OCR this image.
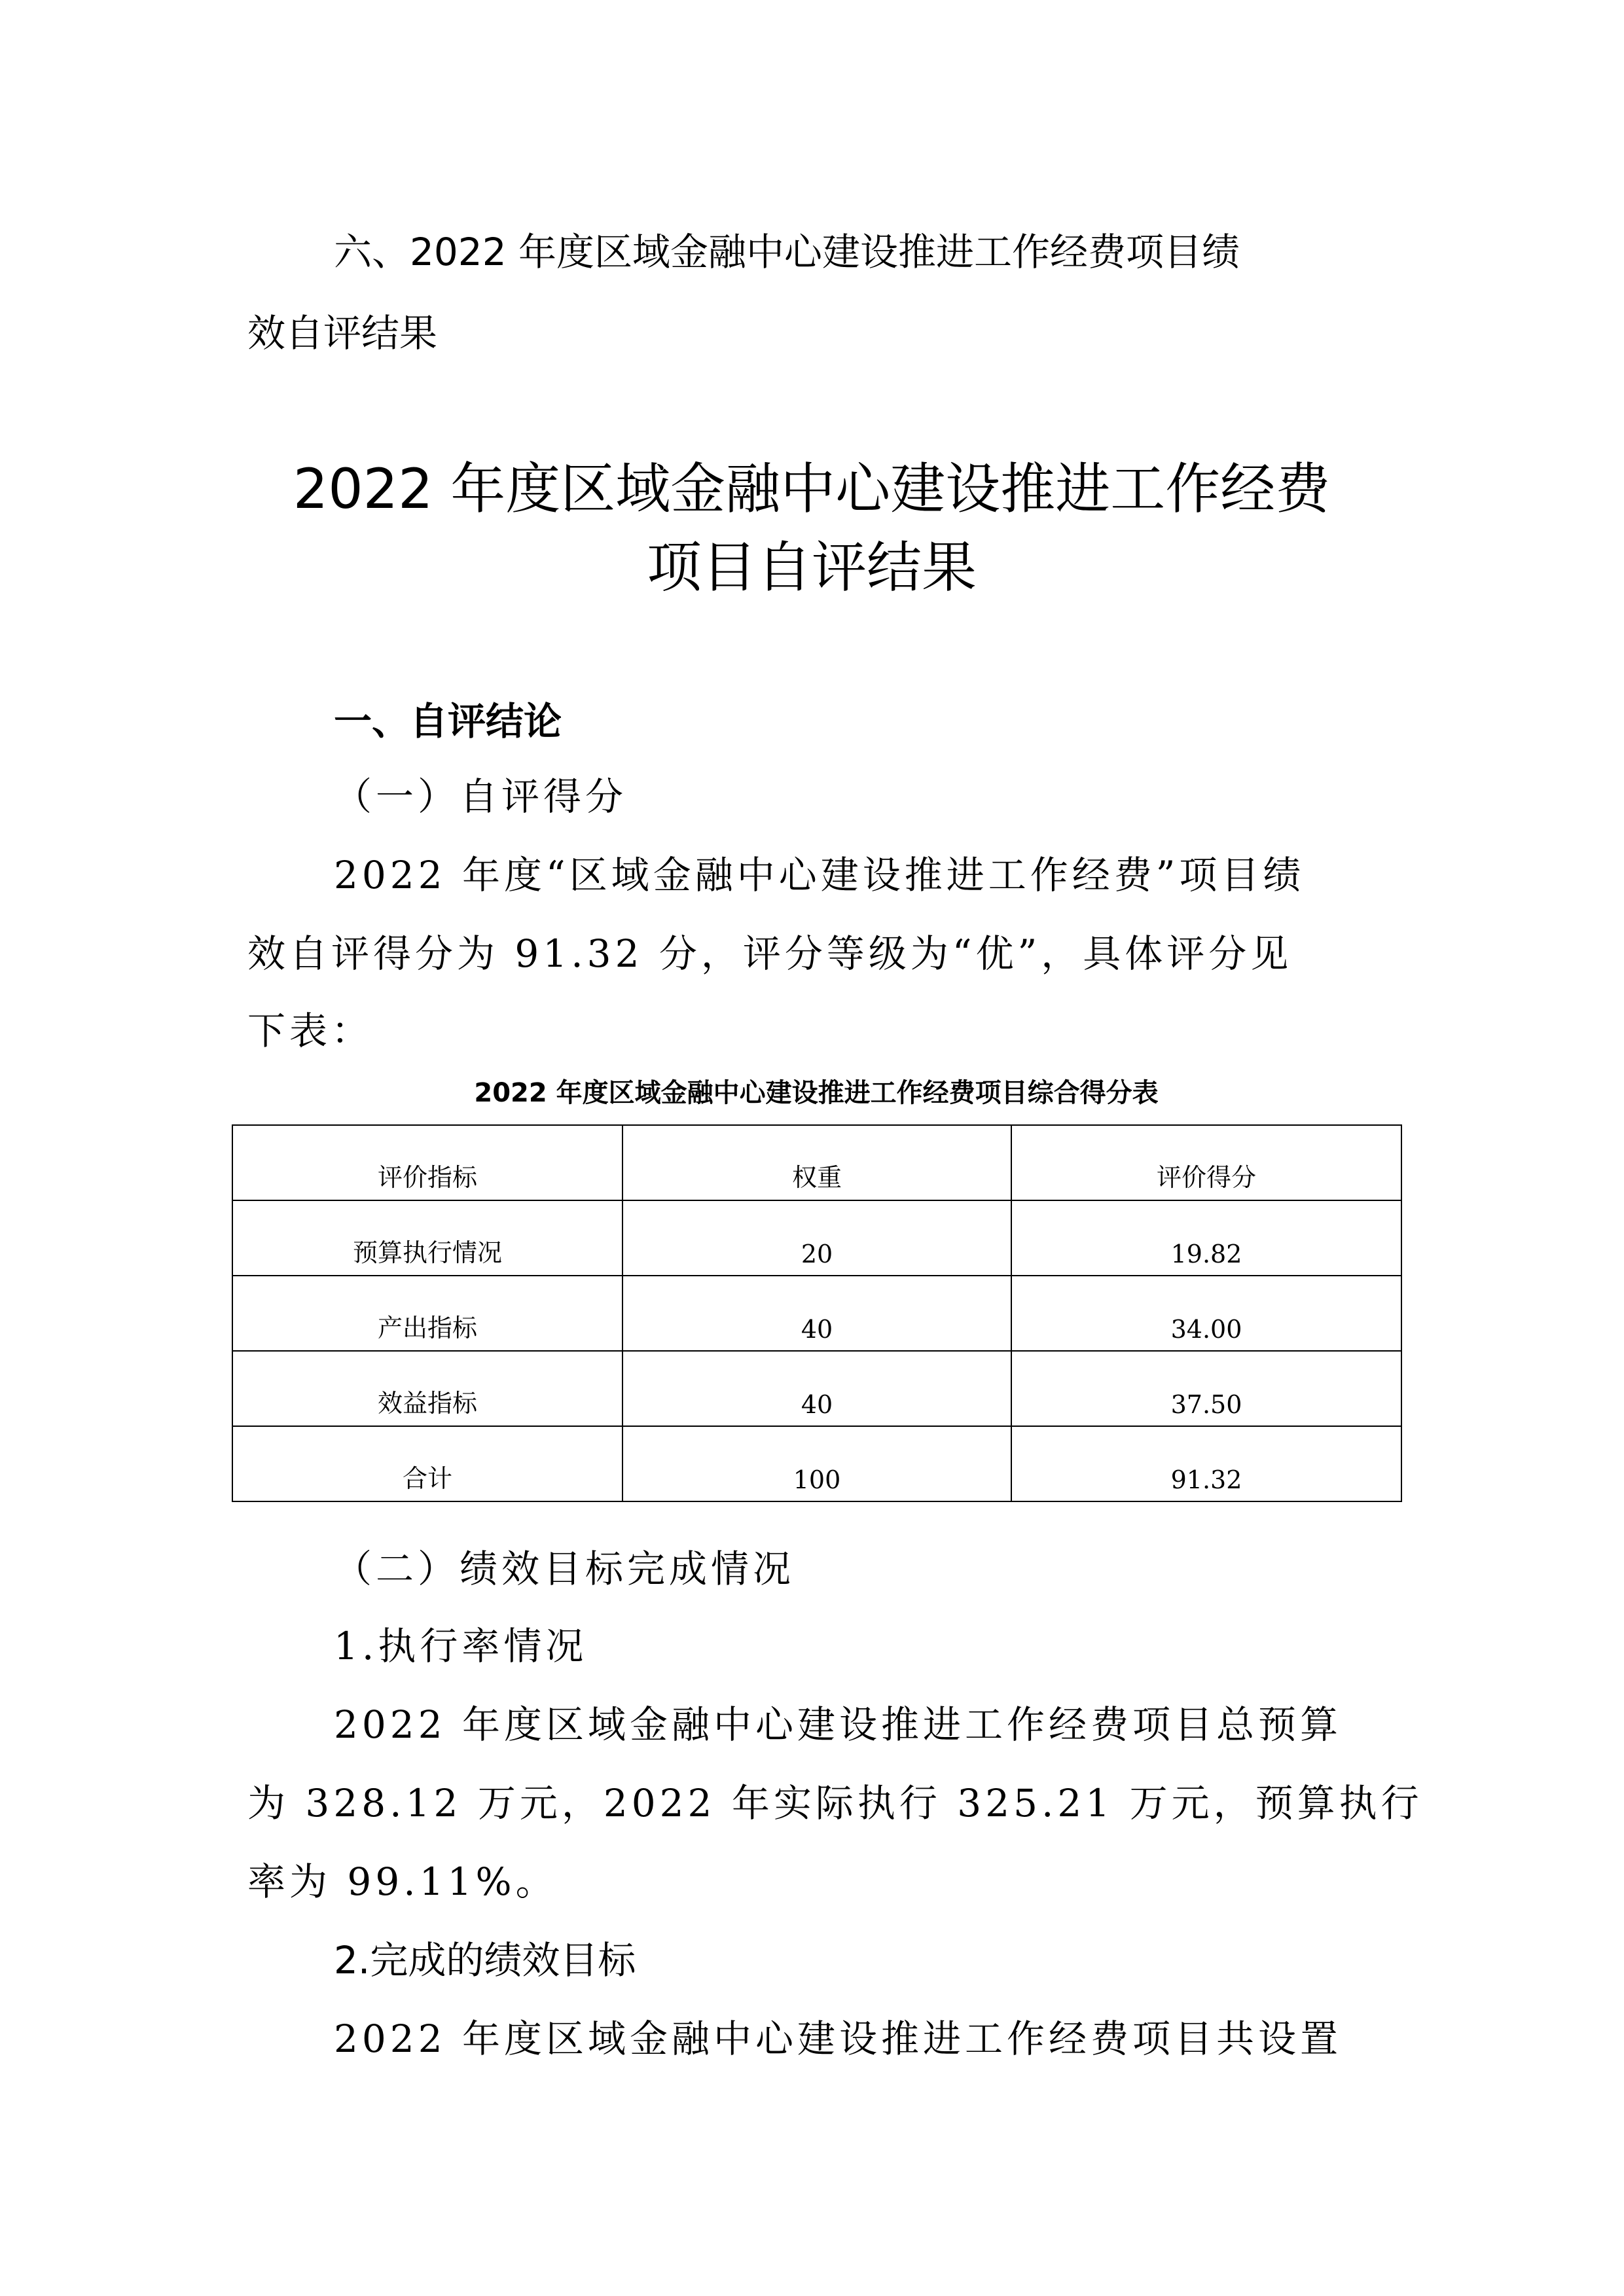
六、2022 年度区域金融中心建设推进工作经费项目绩
效自评结果
2022 年度区域金融中心建设推进工作经费
项目自评结果
一、自评结论
（一）自评得分
2022 年度“区域金融中心建设推进工作经费”项目绩
效自评得分为 91.32 分，评分等级为“优”，具体评分见
下表：
2022 年度区域金融中心建设推进工作经费项目综合得分表
评价指标	权重	评价得分
预算执行情况	20	19.82
产出指标	40	34.00
效益指标	40	37.50
合计	100	91.32
（二）绩效目标完成情况
1.执行率情况
2022 年度区域金融中心建设推进工作经费项目总预算
为 328.12 万元，2022 年实际执行 325.21 万元，预算执行
率为 99.11%。
2.完成的绩效目标
2022 年度区域金融中心建设推进工作经费项目共设置
